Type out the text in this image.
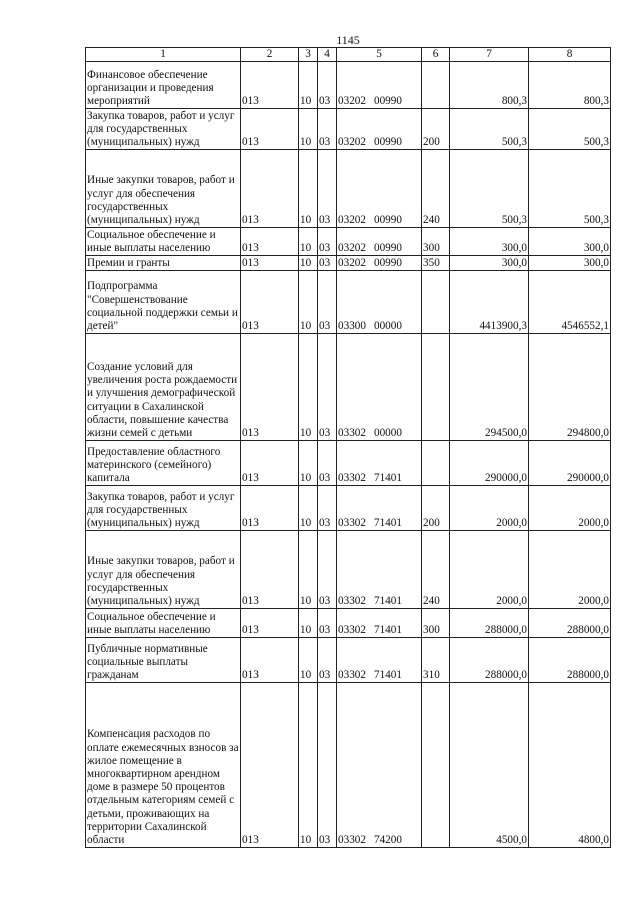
1145
1	2	3	4	5	6	7	8
Финансовое обеспечение организации и проведения мероприятий	013	10	03	03202 00990		800,3	800,3
Закупка товаров, работ и услуг для государственных (муниципальных) нужд	013	10	03	03202 00990	200	500,3	500,3
Иные закупки товаров, работ и услуг для обеспечения государственных (муниципальных) нужд	013	10	03	03202 00990	240	500,3	500,3
Социальное обеспечение и иные выплаты населению	013	10	03	03202 00990	300	300,0	300,0
Премии и гранты	013	10	03	03202 00990	350	300,0	300,0
Подпрограмма "Совершенствование социальной поддержки семьи и детей"	013	10	03	03300 00000		4413900,3	4546552,1
Создание условий для увеличения роста рождаемости и улучшения демографической ситуации в Сахалинской области, повышение качества жизни семей с детьми	013	10	03	03302 00000		294500,0	294800,0
Предоставление областного материнского (семейного) капитала	013	10	03	03302 71401		290000,0	290000,0
Закупка товаров, работ и услуг для государственных (муниципальных) нужд	013	10	03	03302 71401	200	2000,0	2000,0
Иные закупки товаров, работ и услуг для обеспечения государственных (муниципальных) нужд	013	10	03	03302 71401	240	2000,0	2000,0
Социальное обеспечение и иные выплаты населению	013	10	03	03302 71401	300	288000,0	288000,0
Публичные нормативные социальные выплаты гражданам	013	10	03	03302 71401	310	288000,0	288000,0
Компенсация расходов по оплате ежемесячных взносов за жилое помещение в многоквартирном арендном доме в размере 50 процентов отдельным категориям семей с детьми, проживающих на территории Сахалинской области	013	10	03	03302 74200		4500,0	4800,0
